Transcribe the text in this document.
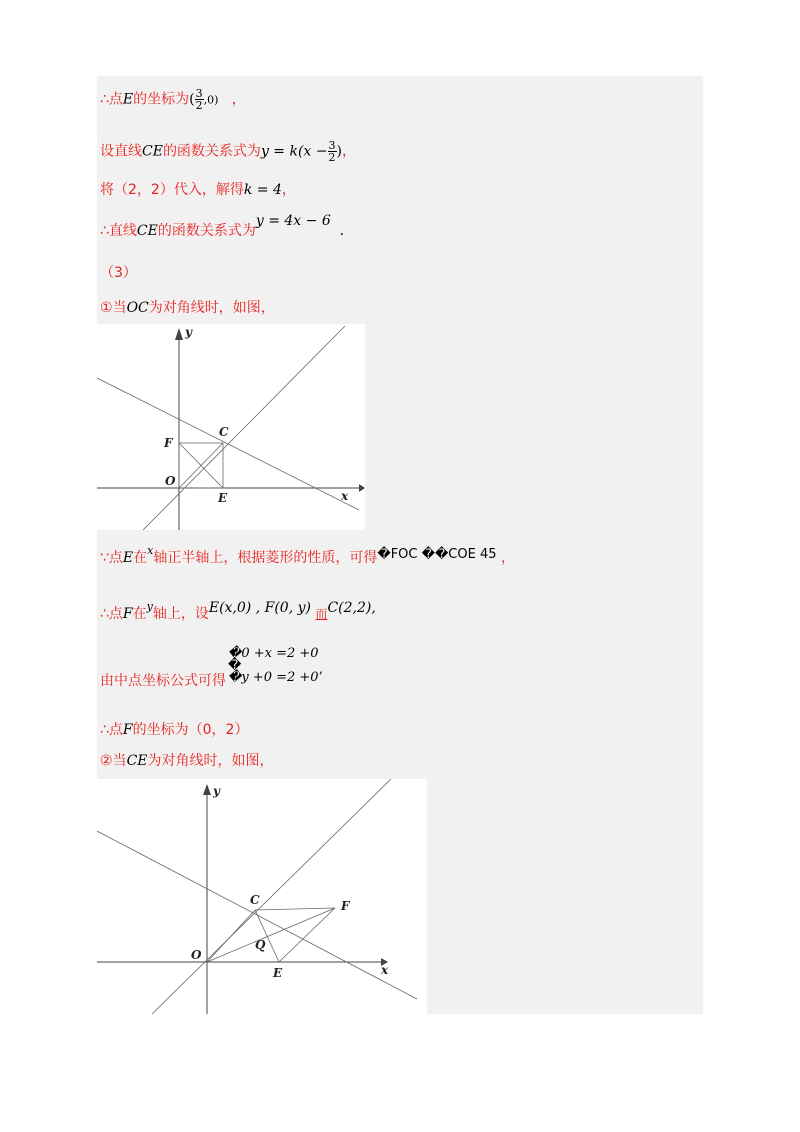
∴点E的坐标为( $\frac{3}{2} ,0$) ，
设直线CE的函数关系式为$y = k(x - \frac{3}{2}$ )，
将（2，2）代入，解得k = 4，
∴直线CE的函数关系式为y = 4x − 6  .
（3）
①当OC为对角线时，如图，
y
x
O
F
C
E
∵点E在$^x$轴正半轴上，根据菱形的性质，可得�FOC ��COE 45 ，
∴点F在$^y$轴上，设E(x,0) , F(0, y) 而C(2,2),
由中点坐标公式可得
�0 +x =2 +0
�
�y +0 =2 +0’
∴点F的坐标为（0，2）
②当CE为对角线时，如图，
y
x
O
C	F
Q
E
